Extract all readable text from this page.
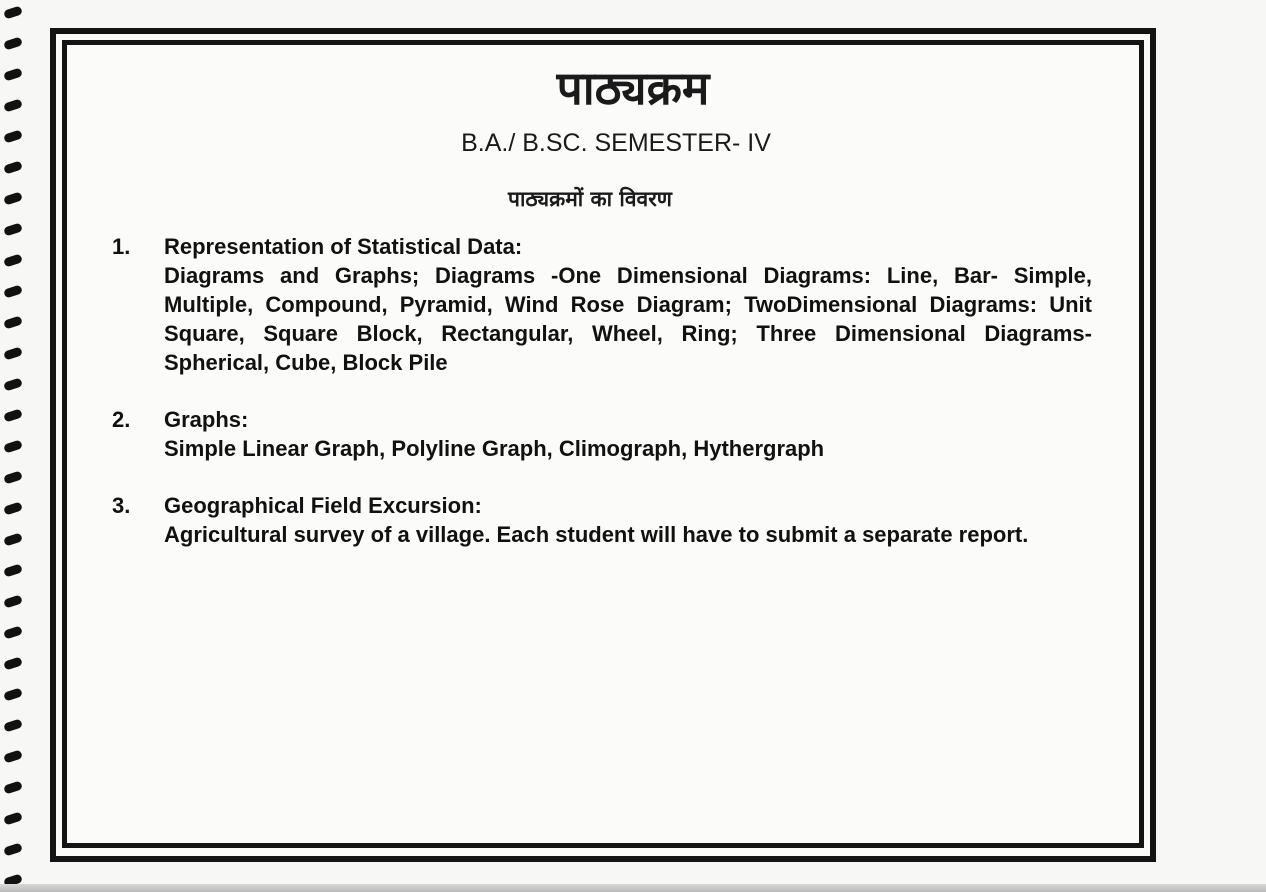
पाठ्यक्रम
B.A./ B.SC. SEMESTER- IV
पाठ्यक्रमों का विवरण
1. Representation of Statistical Data:
Diagrams and Graphs; Diagrams -One Dimensional Diagrams: Line, Bar- Simple, Multiple, Compound, Pyramid, Wind Rose Diagram; TwoDimensional Diagrams: Unit Square, Square Block, Rectangular, Wheel, Ring; Three Dimensional Diagrams- Spherical, Cube, Block Pile
2. Graphs:
Simple Linear Graph, Polyline Graph, Climograph, Hythergraph
3. Geographical Field Excursion:
Agricultural survey of a village. Each student will have to submit a separate report.
